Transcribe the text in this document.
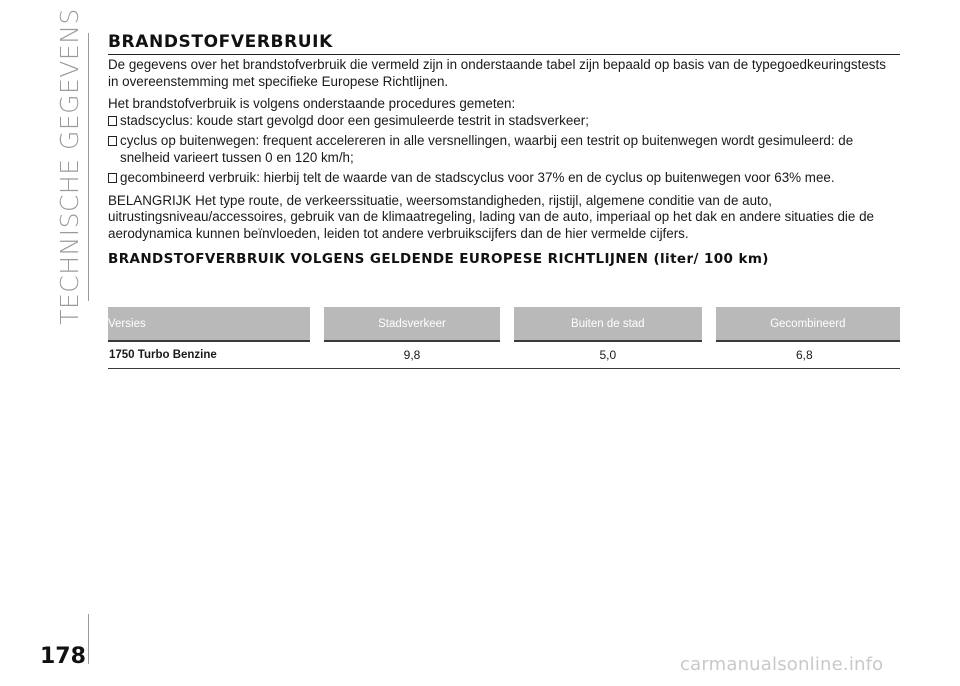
TECHNISCHE GEGEVENS BRANDSTOFVERBRUIK

De gegevens over het brandstofverbruik die vermeld zijn in onderstaande tabel zijn bepaald op basis van de typegoedkeuringstests in overeenstemming met specifieke Europese Richtlijnen.

Het brandstofverbruik is volgens onderstaande procedures gemeten:

stadscyclus: koude start gevolgd door een gesimuleerde testrit in stadsverkeer;
cyclus op buitenwegen: frequent accelereren in alle versnellingen, waarbij een testrit op buitenwegen wordt gesimuleerd: de snelheid varieert tussen 0 en 120 km/h;
gecombineerd verbruik: hierbij telt de waarde van de stadscyclus voor 37% en de cyclus op buitenwegen voor 63% mee.

BELANGRIJK Het type route, de verkeerssituatie, weersomstandigheden, rijstijl, algemene conditie van de auto, uitrustingsniveau/accessoires, gebruik van de klimaatregeling, lading van de auto, imperiaal op het dak en andere situaties die de aerodynamica kunnen beïnvloeden, leiden tot andere verbruikscijfers dan de hier vermelde cijfers.

BRANDSTOFVERBRUIK VOLGENS GELDENDE EUROPESE RICHTLIJNEN (liter/ 100 km)
Versies	Stadsverkeer	Buiten de stad	Gecombineerd
1750 Turbo Benzine	9,8	5,0	6,8
178	carmanualsonline.info
